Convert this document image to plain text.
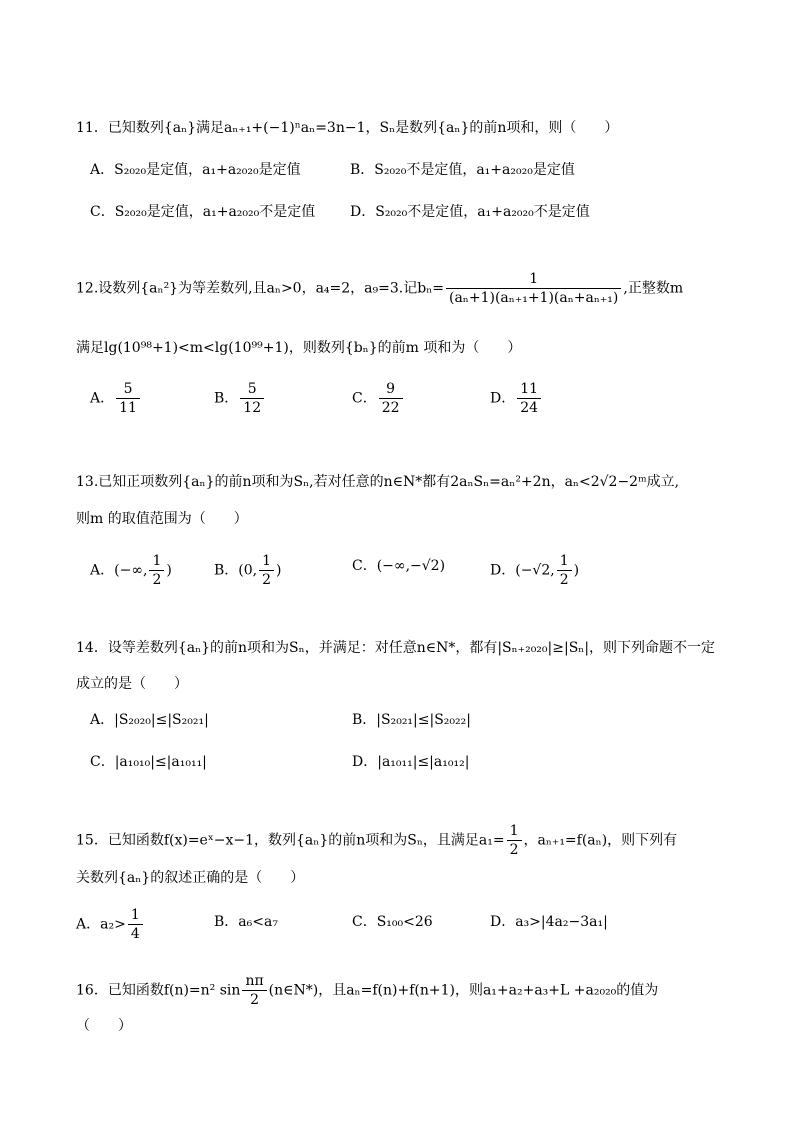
11．已知数列{aₙ}满足aₙ₊₁+(−1)ⁿaₙ=3n−1，Sₙ是数列{aₙ}的前n项和，则（　　）
A．S₂₀₂₀是定值，a₁+a₂₀₂₀是定值	B．S₂₀₂₀不是定值，a₁+a₂₀₂₀是定值
C．S₂₀₂₀是定值，a₁+a₂₀₂₀不是定值 D．S₂₀₂₀不是定值，a₁+a₂₀₂₀不是定值
12.设数列{aₙ²}为等差数列,且aₙ>0，a₄=2，a₉=3.记$b_n= \frac{1}{\text{(aₙ+1)(aₙ₊₁+1)(aₙ+aₙ₊₁)}}$ ,正整数m
满足lg(10⁹⁸+1)<m<lg(10⁹⁹+1)，则数列{bₙ}的前m 项和为（　　）
A． $\frac{5}{11}$	B． $\frac{5}{12}$	C． $\frac{9}{22}$	D． $\frac{11}{24}$
13.已知正项数列{aₙ}的前n项和为Sₙ,若对任意的n∈N*都有2aₙSₙ=aₙ²+2n，aₙ<2√2−2ᵐ成立,
则m 的取值范围为（　　）
A．(−∞, $\frac{1}{2}$ )	B．(0, $\frac{1}{2}$ )	C．(−∞,−√2)	D．(−√2, $\frac{1}{2}$ )
14．设等差数列{aₙ}的前n项和为Sₙ，并满足：对任意n∈N*，都有|Sₙ₊₂₀₂₀|≥|Sₙ|，则下列命题不一定
成立的是（　　）
A．|S₂₀₂₀|≤|S₂₀₂₁|	B．|S₂₀₂₁|≤|S₂₀₂₂|
C．|a₁₀₁₀|≤|a₁₀₁₁|	D．|a₁₀₁₁|≤|a₁₀₁₂|
15．已知函数f(x)=eˣ−x−1，数列{aₙ}的前n项和为Sₙ，且满足$a_1= \frac{1}{2}$ ，aₙ₊₁=f(aₙ)，则下列有
关数列{aₙ}的叙述正确的是（　　）
A．$a_2> \frac{1}{4}$	B．a₆<a₇	C．S₁₀₀<26	D．a₃>|4a₂−3a₁|
16．已知函数f(n)=n² $\sin \frac{n\pi}{2}$ (n∈N*)，且aₙ=f(n)+f(n+1)，则a₁+a₂+a₃+L +a₂₀₂₀的值为
（　　）
